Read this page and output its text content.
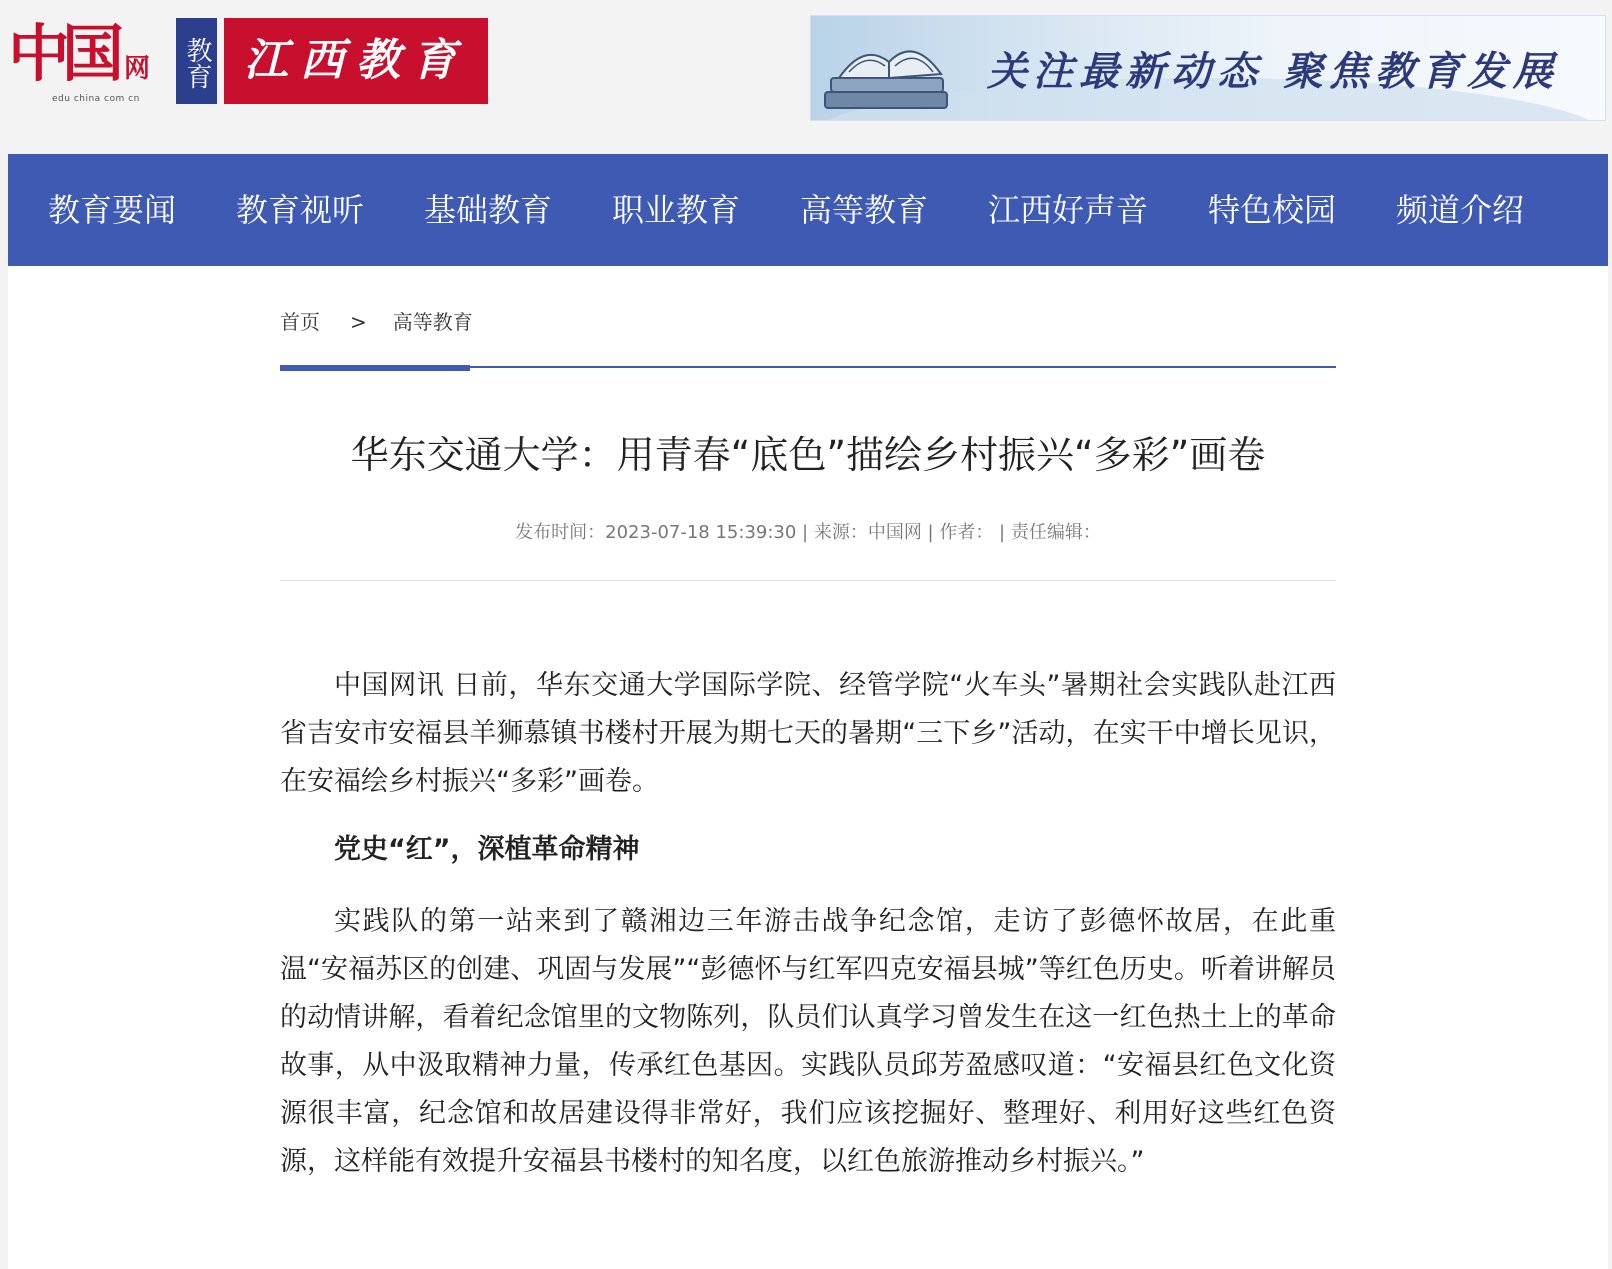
中国 网
edu china com cn
教育 江西教育	关注最新动态 聚焦教育发展
教育要闻 教育视听 基础教育 职业教育 高等教育 江西好声音 特色校园 频道介绍
首页 > 高等教育
华东交通大学：用青春“底色”描绘乡村振兴“多彩”画卷
发布时间：2023-07-18 15:39:30 | 来源：中国网 | 作者： | 责任编辑：

中国网讯 日前，华东交通大学国际学院、经管学院“火车头”暑期社会实践队赴江西省吉安市安福县羊狮慕镇书楼村开展为期七天的暑期“三下乡”活动，在实干中增长见识，在安福绘乡村振兴“多彩”画卷。

党史“红”，深植革命精神

实践队的第一站来到了赣湘边三年游击战争纪念馆，走访了彭德怀故居，在此重温“安福苏区的创建、巩固与发展”“彭德怀与红军四克安福县城”等红色历史。听着讲解员的动情讲解，看着纪念馆里的文物陈列，队员们认真学习曾发生在这一红色热土上的革命故事，从中汲取精神力量，传承红色基因。实践队员邱芳盈感叹道：“安福县红色文化资源很丰富，纪念馆和故居建设得非常好，我们应该挖掘好、整理好、利用好这些红色资源，这样能有效提升安福县书楼村的知名度，以红色旅游推动乡村振兴。”
